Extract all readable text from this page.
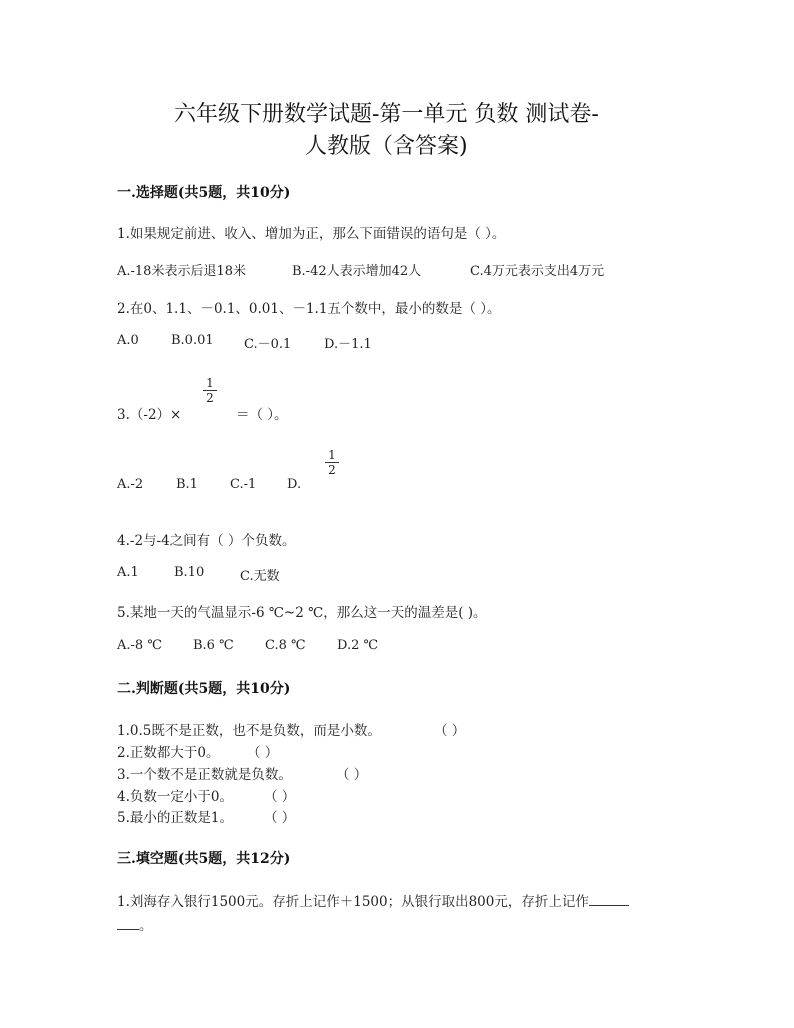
六年级下册数学试题-第一单元 负数 测试卷-
人教版（含答案)
一.选择题(共5题，共10分)
1.如果规定前进、收入、增加为正，那么下面错误的语句是（ ）。
A.-18米表示后退18米	B.-42人表示增加42人	C.4万元表示支出4万元
2.在0、1.1、－0.1、0.01、－1.1五个数中，最小的数是（ ）。
A.0 B.0.01 C.－0.1	D.－1.1
3.（-2）×
1
2
＝（ ）。
A.-2	B.1 C.-1 D.
1
2
4.-2与-4之间有（ ）个负数。
A.1	B.10	C.无数
5.某地一天的气温显示-6 ℃~2 ℃，那么这一天的温差是( )。
A.-8 ℃ B.6 ℃ C.8 ℃ D.2 ℃
二.判断题(共5题，共10分)
1.0.5既不是正数，也不是负数，而是小数。	（ ）
2.正数都大于0。 （ ）
3.一个数不是正数就是负数。	（ ）
4.负数一定小于0。 （ ）
5.最小的正数是1。 （ ）
三.填空题(共5题，共12分)
1.刘海存入银行1500元。存折上记作＋1500；从银行取出800元，存折上记作
。
